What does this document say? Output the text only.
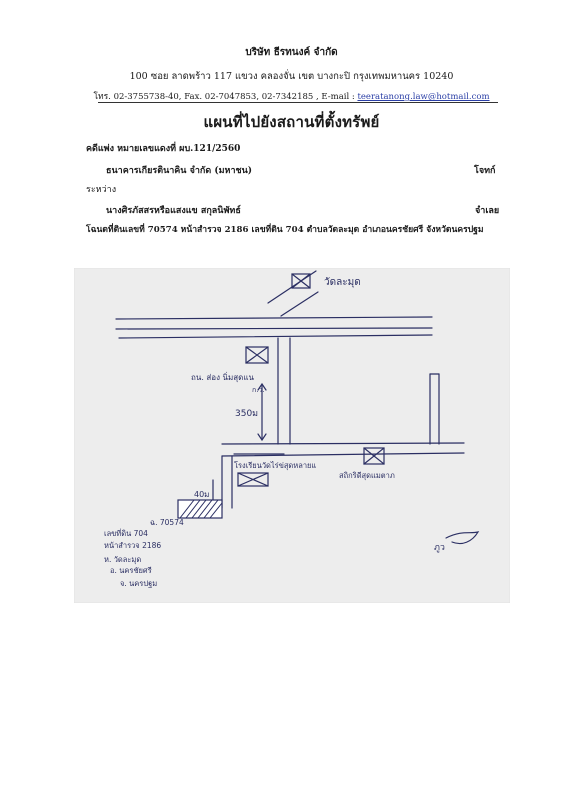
บริษัท ธีรทนงค์ จำกัด
100 ซอย ลาดพร้าว 117 แขวง คลองจั่น เขต บางกะปิ กรุงเทพมหานคร 10240
โทร. 02-3755738-40, Fax. 02-7047853, 02-7342185 , E-mail : teeratanong.law@hotmail.com
แผนที่ไปยังสถานที่ตั้งทรัพย์
คดีแพ่ง หมายเลขแดงที่ ผบ.121/2560
ธนาคารเกียรตินาคิน จำกัด (มหาชน)	โจทก์
ระหว่าง
นางศิรภัสสรหรือแสงแข สกุลนิพัทธ์	จำเลย
โฉนดที่ดินเลขที่ 70574 หน้าสำรวจ 2186 เลขที่ดิน 704 ตำบลวัดละมุด อำเภอนครชัยศรี จังหวัดนครปฐม
วัดละมุด
ถน. ส่อง นิ่มสุดแน
ก.ว.
350ม
40ม
โรงเรียนวัดไร่ข่สุดหลายแ
สถิกริดีสุดแมตาภ
ฉ. 70574
เลขที่ดิน 704
หน้าสำรวจ 2186
ห. วัดละมุด
อ. นครชัยศรี
จ. นครปฐม
ภูว
